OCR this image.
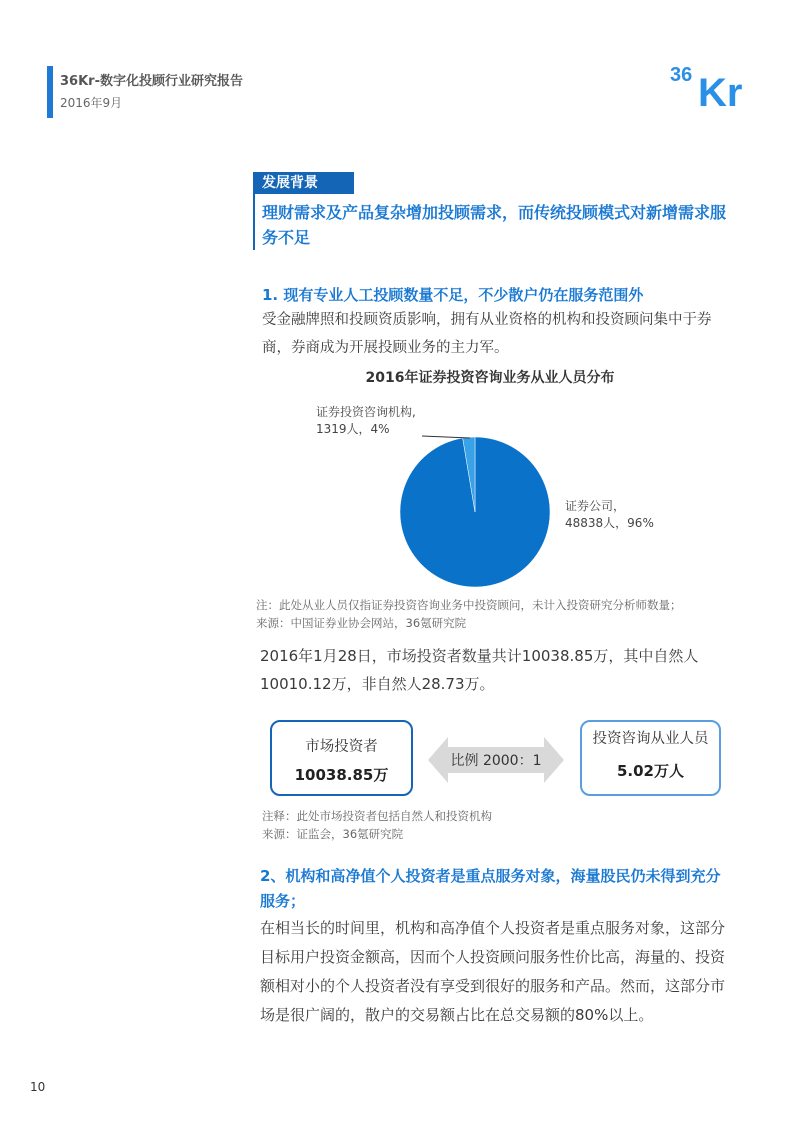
36Kr-数字化投顾行业研究报告
2016年9月
36 Kr
发展背景
理财需求及产品复杂增加投顾需求，而传统投顾模式对新增需求服务不足
1. 现有专业人工投顾数量不足，不少散户仍在服务范围外
受金融牌照和投顾资质影响，拥有从业资格的机构和投资顾问集中于券商，券商成为开展投顾业务的主力军。
2016年证券投资咨询业务从业人员分布
证券投资咨询机构,
1319人，4%
证券公司，
48838人，96%
注：此处从业人员仅指证券投资咨询业务中投资顾问，未计入投资研究分析师数量；
来源：中国证券业协会网站，36氪研究院
2016年1月28日，市场投资者数量共计10038.85万，其中自然人10010.12万，非自然人28.73万。
市场投资者
10038.85万
比例 2000：1
投资咨询从业人员
5.02万人
注释：此处市场投资者包括自然人和投资机构
来源：证监会，36氪研究院
2、机构和高净值个人投资者是重点服务对象，海量股民仍未得到充分服务；
在相当长的时间里，机构和高净值个人投资者是重点服务对象，这部分目标用户投资金额高，因而个人投资顾问服务性价比高，海量的、投资额相对小的个人投资者没有享受到很好的服务和产品。然而，这部分市场是很广阔的，散户的交易额占比在总交易额的80%以上。
10
